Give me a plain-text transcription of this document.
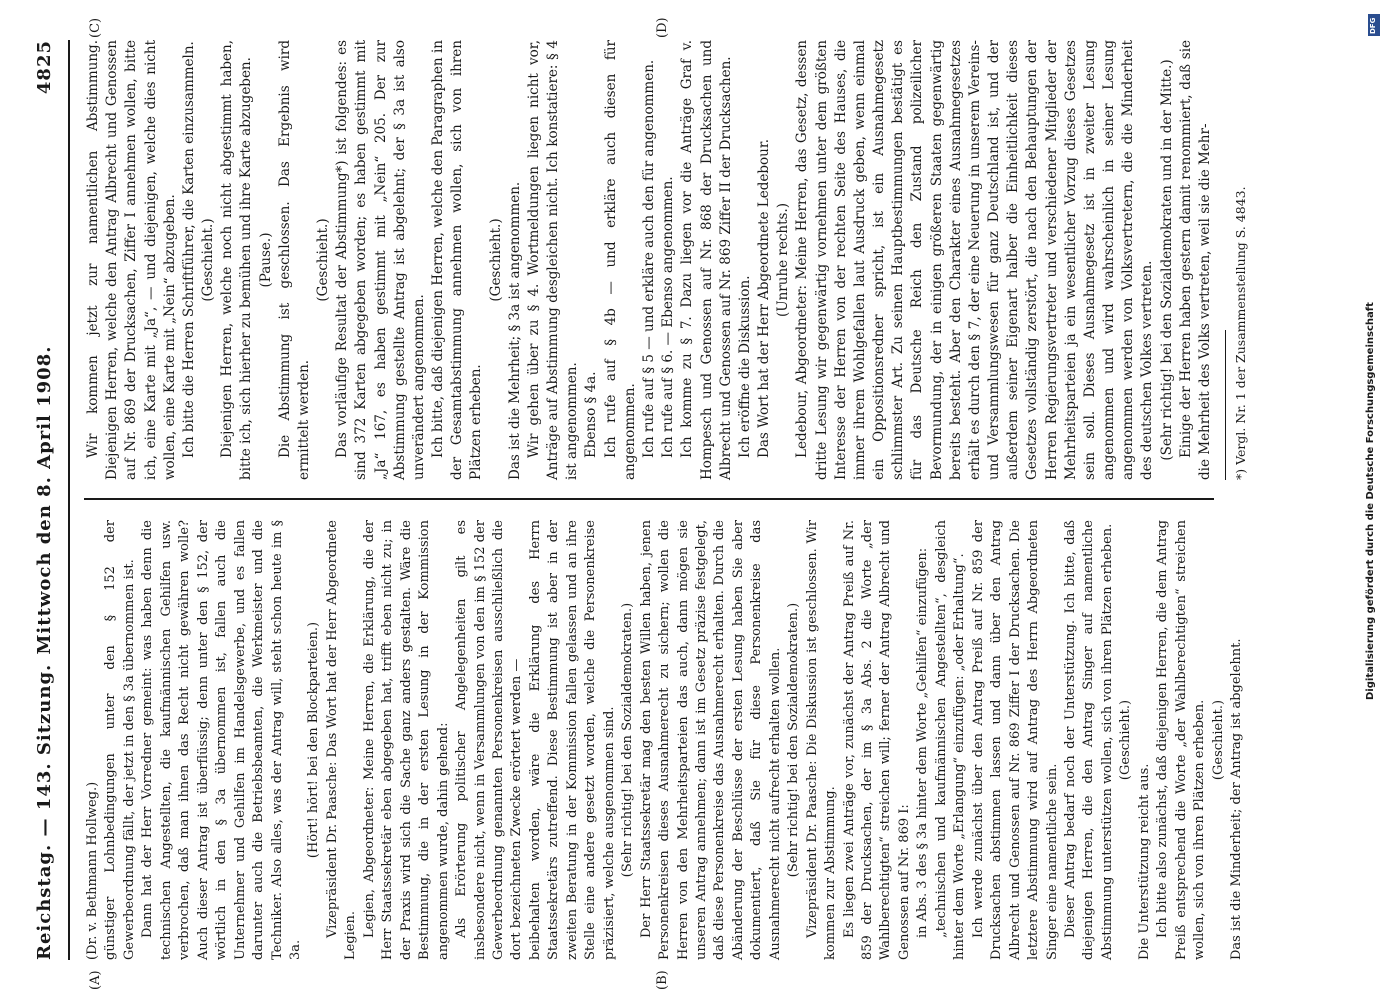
Reichstag. — 143. Sitzung.
Mittwoch den 8. April 1908.
4825
(A)	(B)
(C)	(D)

(Dr. v. Bethmann Hollweg.) günstiger Lohnbedingungen unter den § 152 der Gewerbeordnung fällt, der jetzt in den § 3a übernommen ist. Dann hat der Herr Vorredner gemeint: was haben denn die technischen Angestellten, die kaufmännischen Gehilfen usw. verbrochen, daß man ihnen das Recht nicht gewähren wolle? Auch dieser Antrag ist überflüssig; denn unter den § 152, der wörtlich in den § 3a übernommen ist, fallen auch die Unternehmer und Gehilfen im Handelsgewerbe, und es fallen darunter auch die Betriebsbeamten, die Werkmeister und die Techniker. Also alles, was der Antrag will, steht schon heute im § 3a.

(Hört! hört! bei den Blockparteien.) Vizepräsident Dr. Paasche: Das Wort hat der Herr Abgeordnete Legien. Legien, Abgeordneter: Meine Herren, die Erklärung, die der Herr Staatssekretär eben abgegeben hat, trifft eben nicht zu; in der Praxis wird sich die Sache ganz anders gestalten. Wäre die Bestimmung, die in der ersten Lesung in der Kommission angenommen wurde, dahin gehend: Als Erörterung politischer Angelegenheiten gilt es insbesondere nicht, wenn in Versammlungen von den im § 152 der Gewerbeordnung genannten Personenkreisen ausschließlich die dort bezeichneten Zwecke erörtert werden — beibehalten worden, wäre die Erklärung des Herrn Staatssekretärs zutreffend. Diese Bestimmung ist aber in der zweiten Beratung in der Kommission fallen gelassen und an ihre Stelle eine andere gesetzt worden, welche die Personenkreise präzisiert, welche ausgenommen sind. (Sehr richtig! bei den Sozialdemokraten.) Der Herr Staatssekretär mag den besten Willen haben, jenen Personenkreisen dieses Ausnahmerecht zu sichern; wollen die Herren von den Mehrheitsparteien das auch, dann mögen sie unseren Antrag annehmen; dann ist im Gesetz präzise festgelegt, daß diese Personenkreise das Ausnahmerecht erhalten. Durch die Abänderung der Beschlüsse der ersten Lesung haben Sie aber dokumentiert, daß Sie für diese Personenkreise das Ausnahmerecht nicht aufrecht erhalten wollen. (Sehr richtig! bei den Sozialdemokraten.) Vizepräsident Dr. Paasche: Die Diskussion ist geschlossen. Wir kommen zur Abstimmung. Es liegen zwei Anträge vor, zunächst der Antrag Preiß auf Nr. 859 der Drucksachen, der im § 3a Abs. 2 die Worte „der Wahlberechtigten“ streichen will; ferner der Antrag Albrecht und Genossen auf Nr. 869 I: in Abs. 3 des § 3a hinter dem Worte „Gehilfen“ einzufügen: „technischen und kaufmännischen Angestellten“, desgleich hinter dem Worte „Erlangung“ einzufügen: „oder Erhaltung“. Ich werde zunächst über den Antrag Preiß auf Nr. 859 der Drucksachen abstimmen lassen und dann über den Antrag Albrecht und Genossen auf Nr. 869 Ziffer I der Drucksachen. Die letztere Abstimmung wird auf Antrag des Herrn Abgeordneten Singer eine namentliche sein. Dieser Antrag bedarf noch der Unterstützung. Ich bitte, daß diejenigen Herren, die den Antrag Singer auf namentliche Abstimmung unterstützen wollen, sich von ihren Plätzen erheben. (Geschieht.)

Die Unterstützung reicht aus. Ich bitte also zunächst, daß diejenigen Herren, die dem Antrag Preiß entsprechend die Worte „der Wahlberechtigten“ streichen wollen, sich von ihren Plätzen erheben. (Geschieht.) Das ist die Minderheit; der Antrag ist abgelehnt.

Wir kommen jetzt zur namentlichen Abstimmung. Diejenigen Herren, welche den Antrag Albrecht und Genossen auf Nr. 869 der Drucksachen, Ziffer I annehmen wollen, bitte ich, eine Karte mit „Ja“, — und diejenigen, welche dies nicht wollen, eine Karte mit „Nein“ abzugeben. Ich bitte die Herren Schriftführer, die Karten einzusammeln. (Geschieht.) Diejenigen Herren, welche noch nicht abgestimmt haben, bitte ich, sich hierher zu bemühen und ihre Karte abzugeben. (Pause.) Die Abstimmung ist geschlossen. Das Ergebnis wird ermittelt werden.

(Geschieht.) Das vorläufige Resultat der Abstimmung*) ist folgendes: es sind 372 Karten abgegeben worden; es haben gestimmt mit „Ja“ 167, es haben gestimmt mit „Nein“ 205. Der zur Abstimmung gestellte Antrag ist abgelehnt; der § 3a ist also unverändert angenommen. Ich bitte, daß diejenigen Herren, welche den Paragraphen in der Gesamtabstimmung annehmen wollen, sich von ihren Plätzen erheben.

(Geschieht.) Das ist die Mehrheit; § 3a ist angenommen. Wir gehen über zu § 4. Wortmeldungen liegen nicht vor, Anträge auf Abstimmung desgleichen nicht. Ich konstatiere: § 4 ist angenommen. Ebenso § 4a. Ich rufe auf § 4b — und erkläre auch diesen für angenommen. Ich rufe auf § 5 — und erkläre auch den für angenommen. Ich rufe auf § 6. — Ebenso angenommen. Ich komme zu § 7. Dazu liegen vor die Anträge Graf v. Hompesch und Genossen auf Nr. 868 der Drucksachen und Albrecht und Genossen auf Nr. 869 Ziffer II der Drucksachen. Ich eröffne die Diskussion. Das Wort hat der Herr Abgeordnete Ledebour. (Unruhe rechts.) Ledebour, Abgeordneter: Meine Herren, das Gesetz, dessen dritte Lesung wir gegenwärtig vornehmen unter dem größten Interesse der Herren von der rechten Seite des Hauses, die immer ihrem Wohlgefallen laut Ausdruck geben, wenn einmal ein Oppositionsredner spricht, ist ein Ausnahmegesetz schlimmster Art. Zu seinen Hauptbestimmungen bestätigt es für das Deutsche Reich den Zustand polizeilicher Bevormundung, der in einigen größeren Staaten gegenwärtig bereits besteht. Aber den Charakter eines Ausnahmegesetzes erhält es durch den § 7, der eine Neuerung in unserem Vereins- und Versammlungswesen für ganz Deutschland ist, und der außerdem seiner Eigenart halber die Einheitlichkeit dieses Gesetzes vollständig zerstört, die nach den Behauptungen der Herren Regierungsvertreter und verschiedener Mitglieder der Mehrheitsparteien ja ein wesentlicher Vorzug dieses Gesetzes sein soll. Dieses Ausnahmegesetz ist in zweiter Lesung angenommen und wird wahrscheinlich in seiner Lesung angenommen werden von Volksvertretern, die die Minderheit des deutschen Volkes vertreten. (Sehr richtig! bei den Sozialdemokraten und in der Mitte.) Einige der Herren haben gestern damit renommiert, daß sie die Mehrheit des Volks vertreten, weil sie die Mehr- *) Vergl. Nr. 1 der Zusammenstellung S. 4843.
DFG
Digitalisierung gefördert durch die Deutsche Forschungsgemeinschaft
